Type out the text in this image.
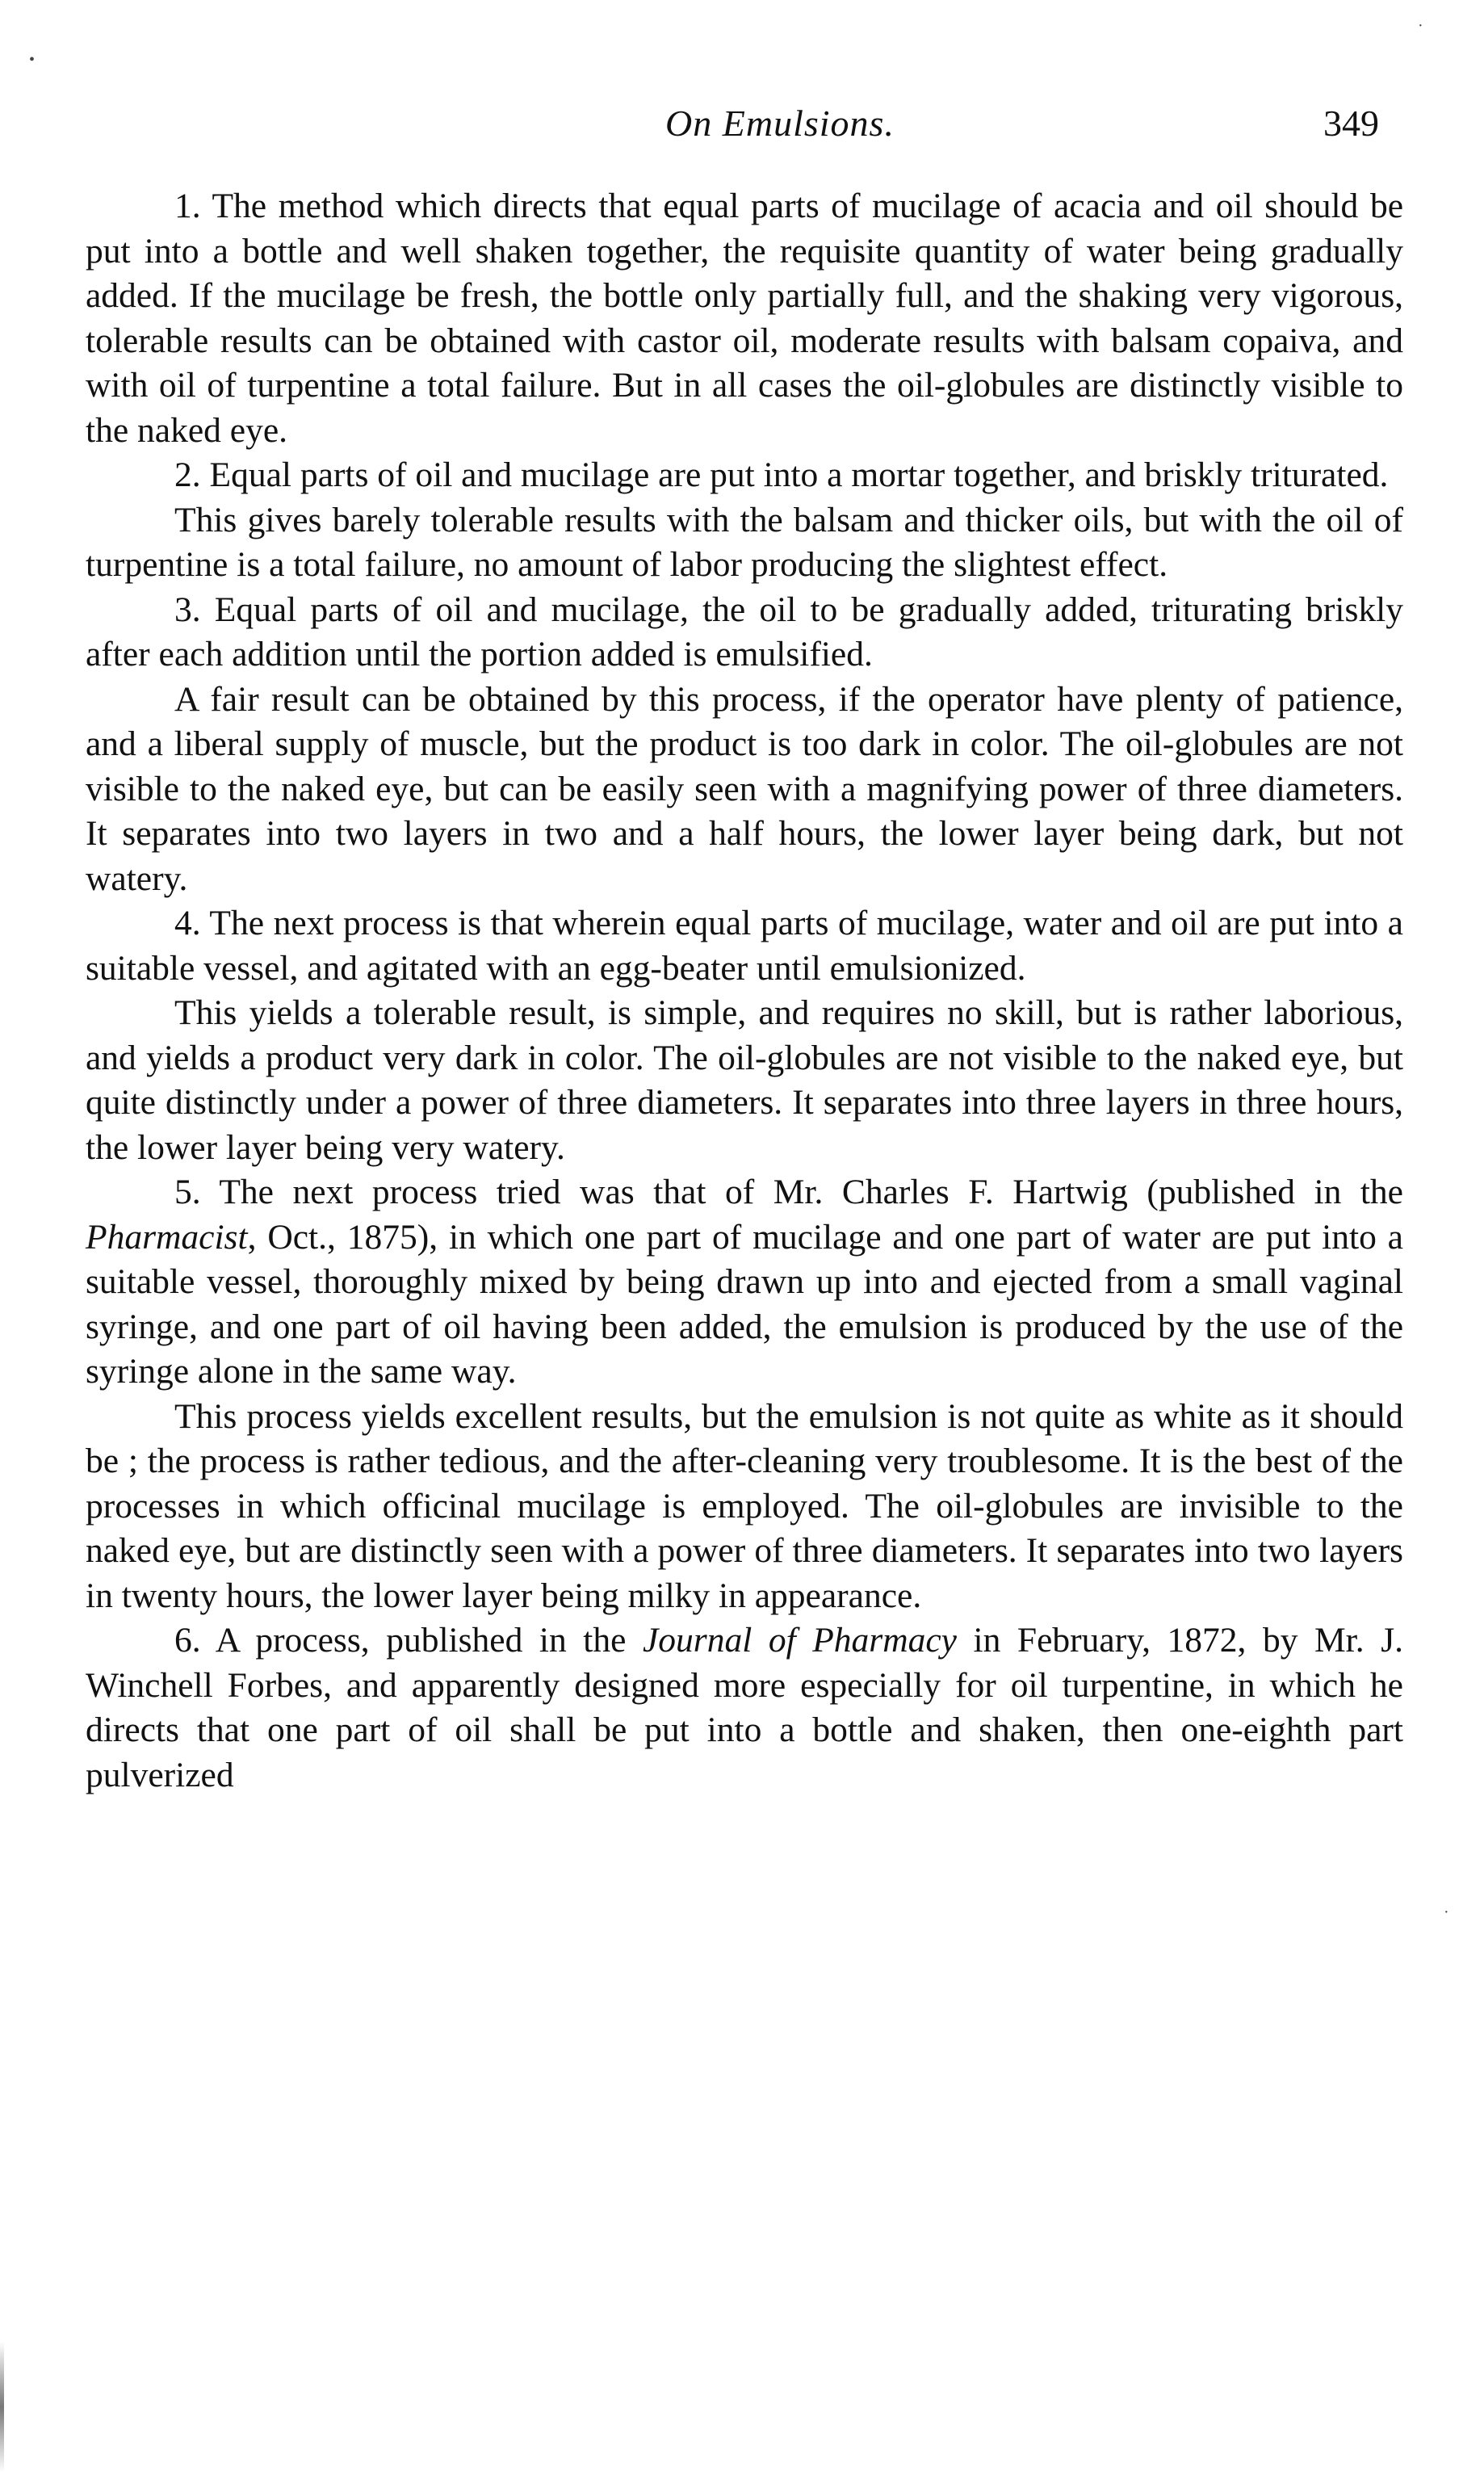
•
·
·
On Emulsions.	349

1. The method which directs that equal parts of mucilage of acacia and oil should be put into a bottle and well shaken together, the requisite quantity of water being gradually added. If the mucilage be fresh, the bottle only partially full, and the shaking very vigorous, tolerable results can be obtained with castor oil, moderate results with balsam copaiva, and with oil of turpentine a total failure. But in all cases the oil-globules are distinctly visible to the naked eye.

2. Equal parts of oil and mucilage are put into a mortar together, and briskly triturated.

This gives barely tolerable results with the balsam and thicker oils, but with the oil of turpentine is a total failure, no amount of labor producing the slightest effect.

3. Equal parts of oil and mucilage, the oil to be gradually added, triturating briskly after each addition until the portion added is emulsified.

A fair result can be obtained by this process, if the operator have plenty of patience, and a liberal supply of muscle, but the product is too dark in color. The oil-globules are not visible to the naked eye, but can be easily seen with a magnifying power of three diameters. It separates into two layers in two and a half hours, the lower layer being dark, but not watery.

4. The next process is that wherein equal parts of mucilage, water and oil are put into a suitable vessel, and agitated with an egg-beater until emulsionized.

This yields a tolerable result, is simple, and requires no skill, but is rather laborious, and yields a product very dark in color. The oil-globules are not visible to the naked eye, but quite distinctly under a power of three diameters. It separates into three layers in three hours, the lower layer being very watery.

5. The next process tried was that of Mr. Charles F. Hartwig (published in the Pharmacist, Oct., 1875), in which one part of mucilage and one part of water are put into a suitable vessel, thoroughly mixed by being drawn up into and ejected from a small vaginal syringe, and one part of oil having been added, the emulsion is produced by the use of the syringe alone in the same way.

This process yields excellent results, but the emulsion is not quite as white as it should be ; the process is rather tedious, and the after-cleaning very troublesome. It is the best of the processes in which officinal mucilage is employed. The oil-globules are invisible to the naked eye, but are distinctly seen with a power of three diameters. It separates into two layers in twenty hours, the lower layer being milky in appearance.

6. A process, published in the Journal of Pharmacy in February, 1872, by Mr. J. Winchell Forbes, and apparently designed more especially for oil turpentine, in which he directs that one part of oil shall be put into a bottle and shaken, then one-eighth part pulverized
